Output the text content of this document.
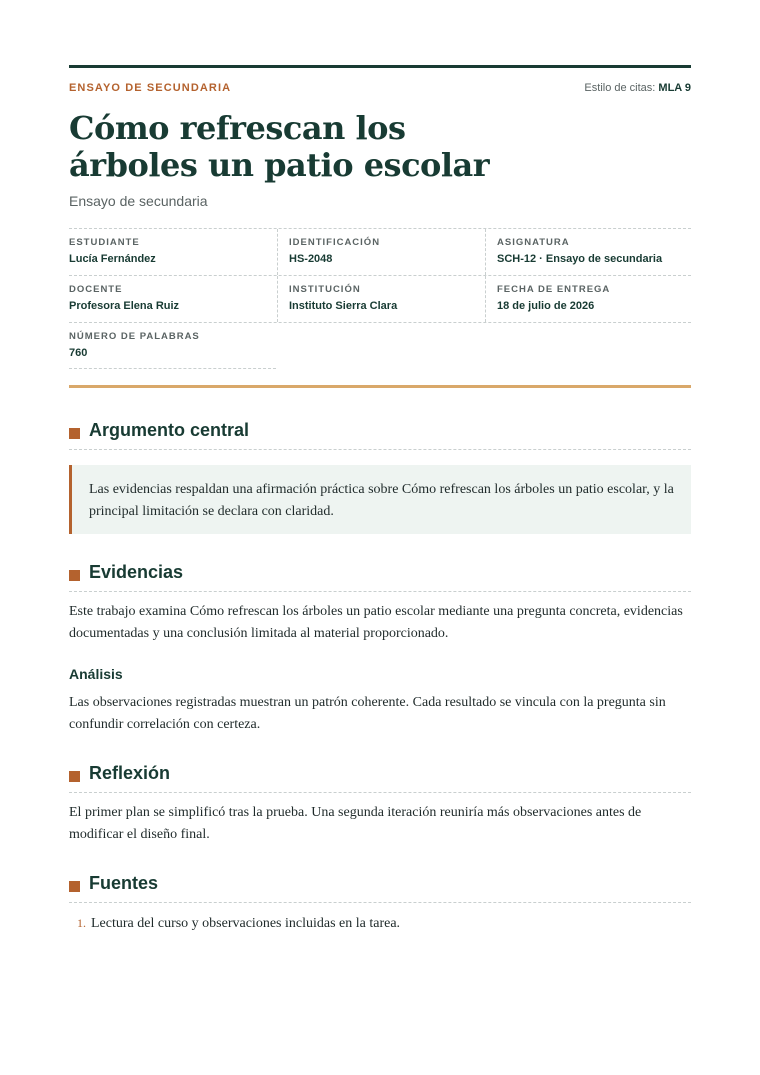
ENSAYO DE SECUNDARIA	Estilo de citas: MLA 9
Cómo refrescan los
árboles un patio escolar
Ensayo de secundaria
ESTUDIANTE
Lucía Fernández
IDENTIFICACIÓN
HS-2048
ASIGNATURA
SCH-12 · Ensayo de secundaria
DOCENTE
Profesora Elena Ruiz
INSTITUCIÓN
Instituto Sierra Clara
FECHA DE ENTREGA
18 de julio de 2026
NÚMERO DE PALABRAS
760
Argumento central
Las evidencias respaldan una afirmación práctica sobre Cómo refrescan los árboles un patio escolar, y la principal limitación se declara con claridad.
Evidencias

Este trabajo examina Cómo refrescan los árboles un patio escolar mediante una pregunta concreta, evidencias documentadas y una conclusión limitada al material proporcionado.

Análisis

Las observaciones registradas muestran un patrón coherente. Cada resultado se vincula con la pregunta sin confundir correlación con certeza.

Reflexión

El primer plan se simplificó tras la prueba. Una segunda iteración reuniría más observaciones antes de modificar el diseño final.

Fuentes
1. Lectura del curso y observaciones incluidas en la tarea.
